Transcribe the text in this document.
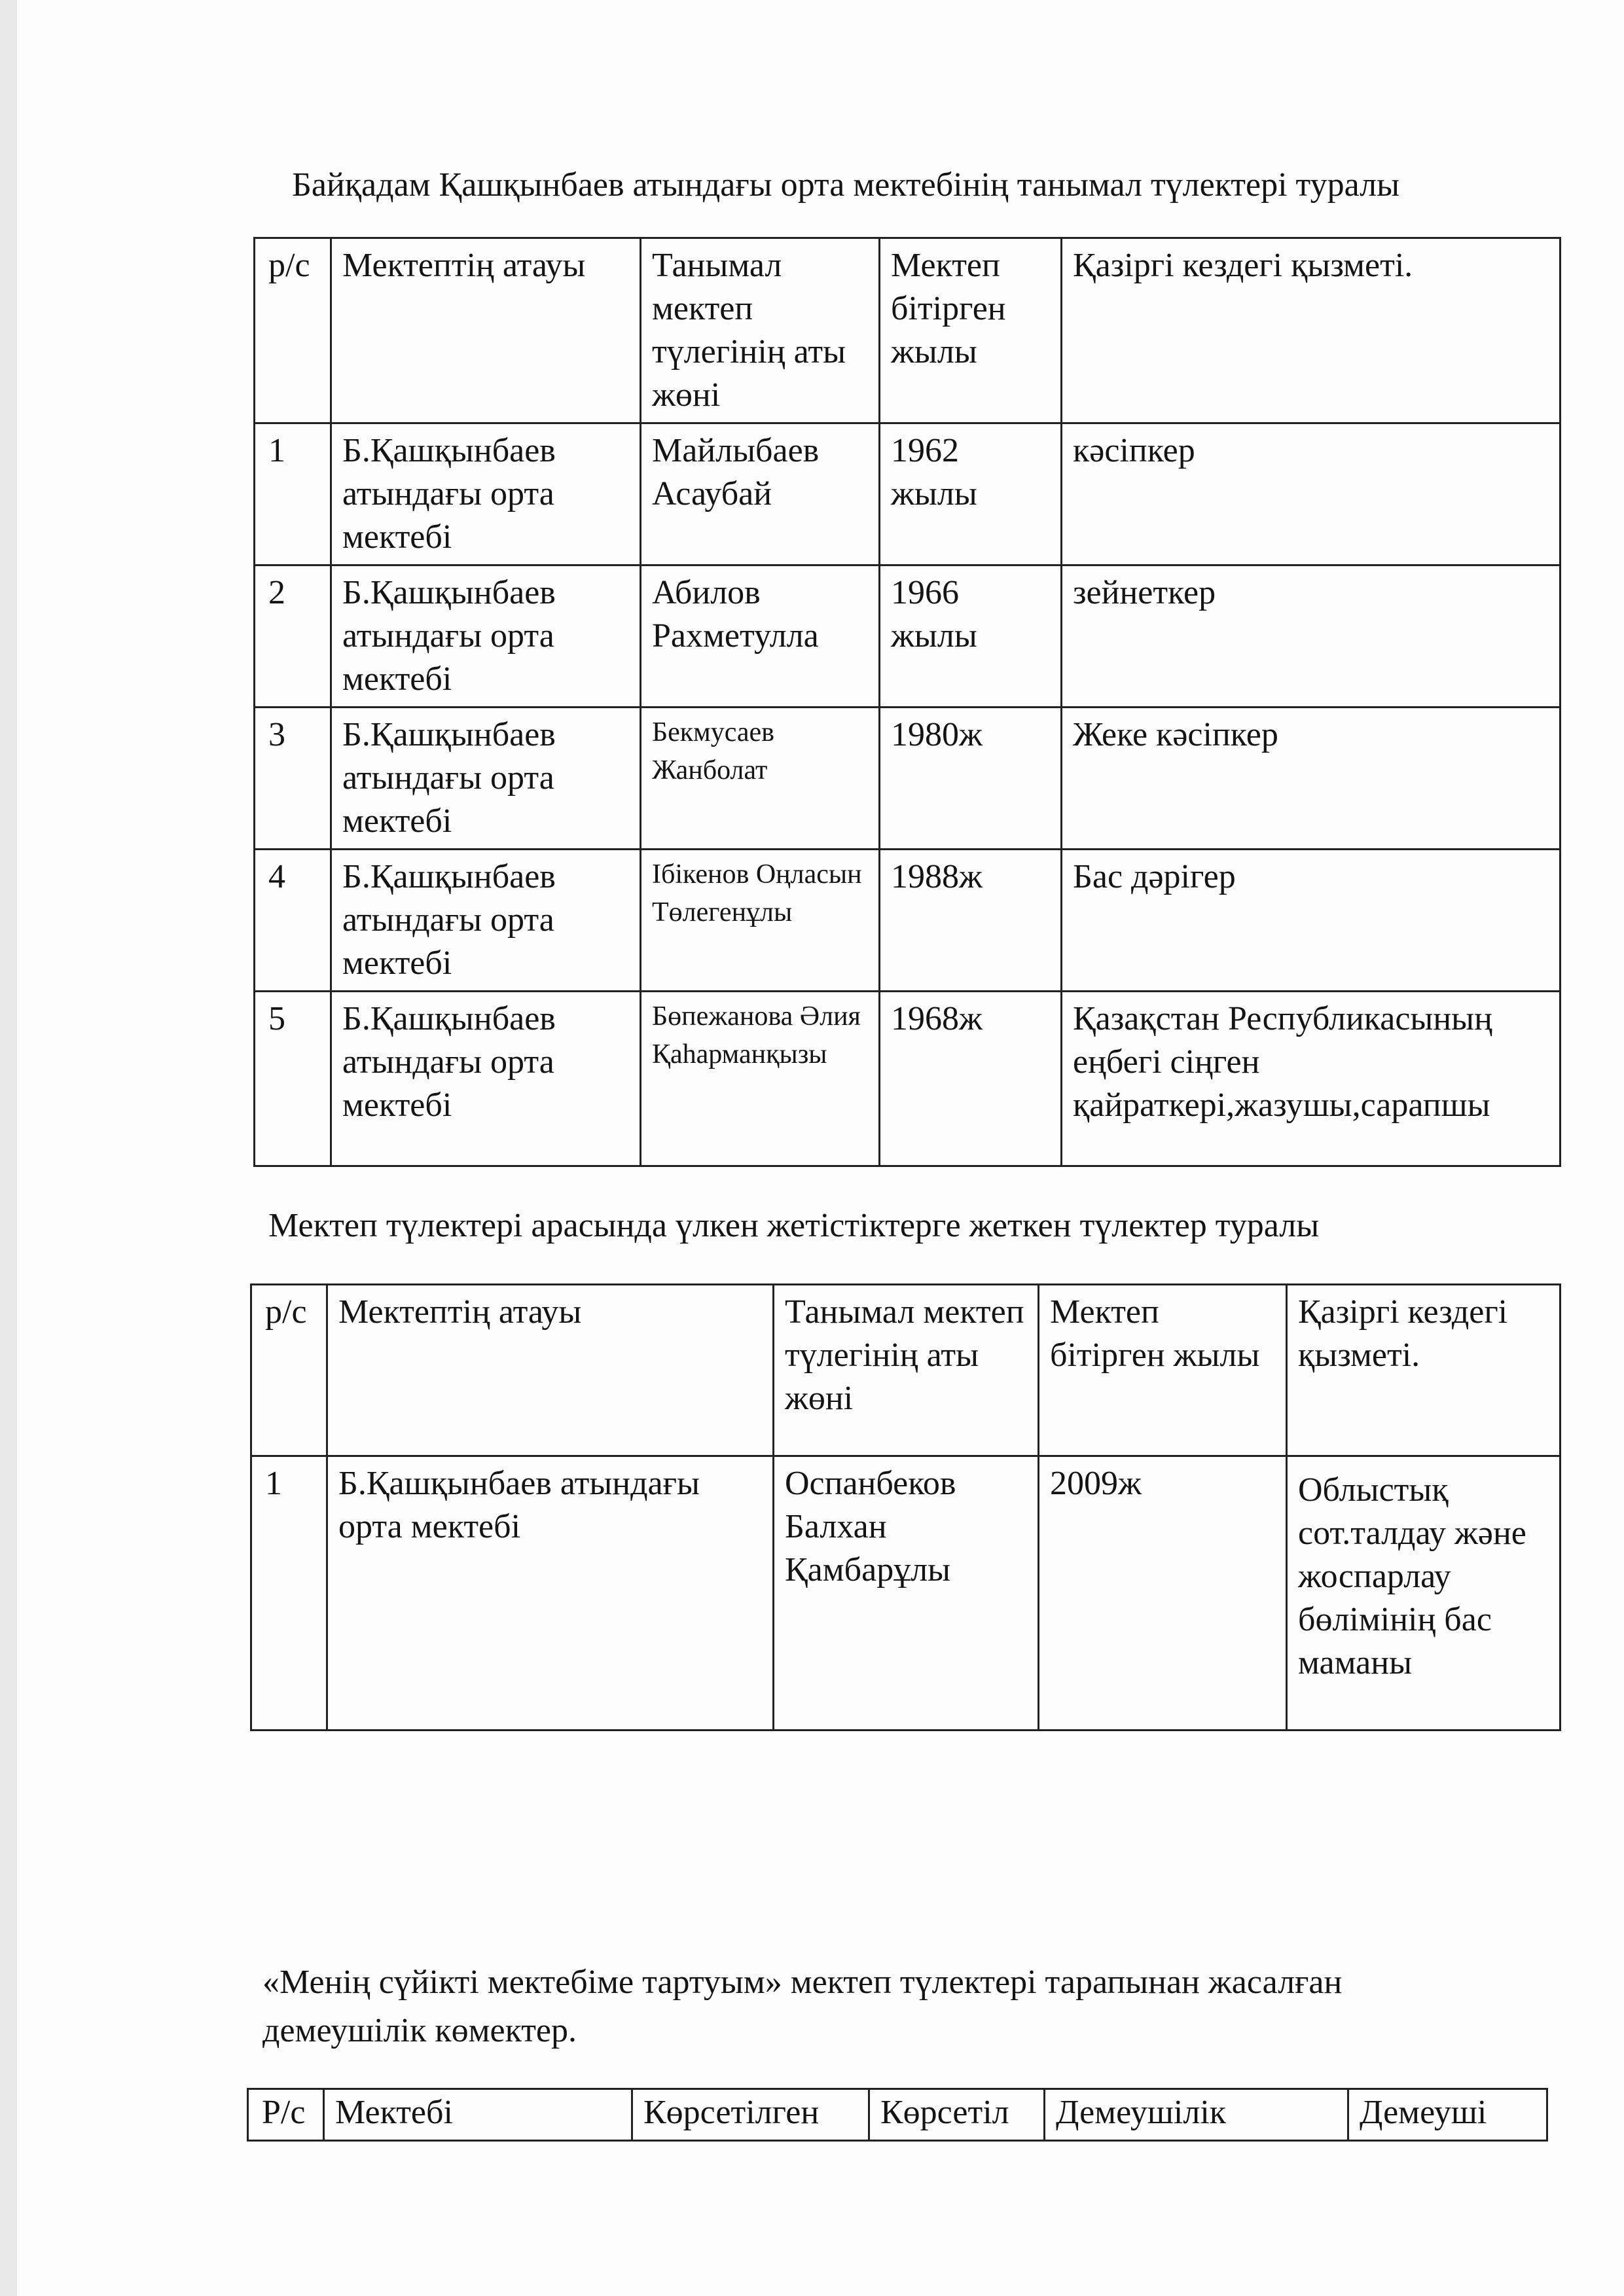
Байқадам Қашқынбаев атындағы орта мектебінің танымал түлектері туралы
р/с	Мектептің атауы	Танымал мектеп түлегінің аты жөні	Мектеп бітірген жылы	Қазіргі кездегі қызметі.
1	Б.Қашқынбаев атындағы орта мектебі	Майлыбаев Асаубай	1962 жылы	кәсіпкер
2	Б.Қашқынбаев атындағы орта мектебі	Абилов Рахметулла	1966 жылы	зейнеткер
3	Б.Қашқынбаев атындағы орта мектебі	Бекмусаев Жанболат	1980ж	Жеке кәсіпкер
4	Б.Қашқынбаев атындағы орта мектебі	Ібікенов Оңласын Төлегенұлы	1988ж	Бас дәрігер
5	Б.Қашқынбаев атындағы орта мектебі	Бөпежанова Әлия Қаһарманқызы	1968ж	Қазақстан Республикасының еңбегі сіңген қайраткері,жазушы,сарапшы
Мектеп түлектері арасында үлкен жетістіктерге жеткен түлектер туралы
р/с	Мектептің атауы	Танымал мектеп түлегінің аты жөні	Мектеп бітірген жылы	Қазіргі кездегі қызметі.
1	Б.Қашқынбаев атындағы орта мектебі	Оспанбеков Балхан Қамбарұлы	2009ж	Облыстық сот.талдау және жоспарлау бөлімінің бас маманы
«Менің сүйікті мектебіме тартуым» мектеп түлектері тарапынан жасалған
демеушілік көмектер.
Р/с	Мектебі	Көрсетілген	Көрсетіл	Демеушілік	Демеуші
